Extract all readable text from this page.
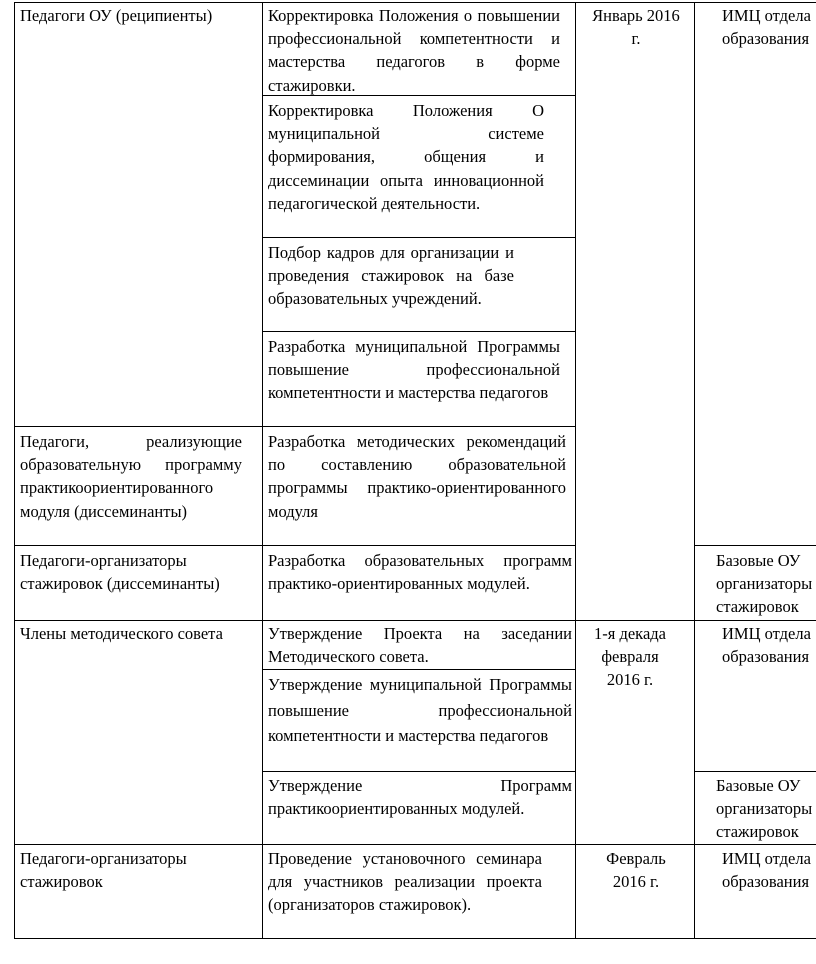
Педагоги ОУ (реципиенты)
Педагоги, реализующие образовательную программу практикоориентированного модуля (диссеминанты)
Педагоги-организаторы стажировок (диссеминанты)
Члены методического совета
Педагоги-организаторы стажировок
Корректировка Положения о повышении профессиональной компетентности и мастерства педагогов в форме стажировки.
Корректировка Положения О муниципальной системе формирования, общения и диссеминации опыта инновационной педагогической деятельности.
Подбор кадров для организации и проведения стажировок на базе образовательных учреждений.
Разработка муниципальной Программы повышение профессиональной компетентности и мастерства педагогов
Разработка методических рекомендаций по составлению образовательной программы практико-ориентированного модуля
Разработка образовательных программ практико-ориентированных модулей.
Утверждение Проекта на заседании Методического совета.
Утверждение муниципальной Программы повышение профессиональной компетентности и мастерства педагогов
Утверждение Программ практикоориентированных модулей.
Проведение установочного семинара для участников реализации проекта (организаторов стажировок).
Январь 2016 г.
1-я декада февраля 2016 г.
Февраль 2016 г.
ИМЦ отдела образования
Базовые ОУ организаторы стажировок
ИМЦ отдела образования
Базовые ОУ организаторы стажировок
ИМЦ отдела образования
